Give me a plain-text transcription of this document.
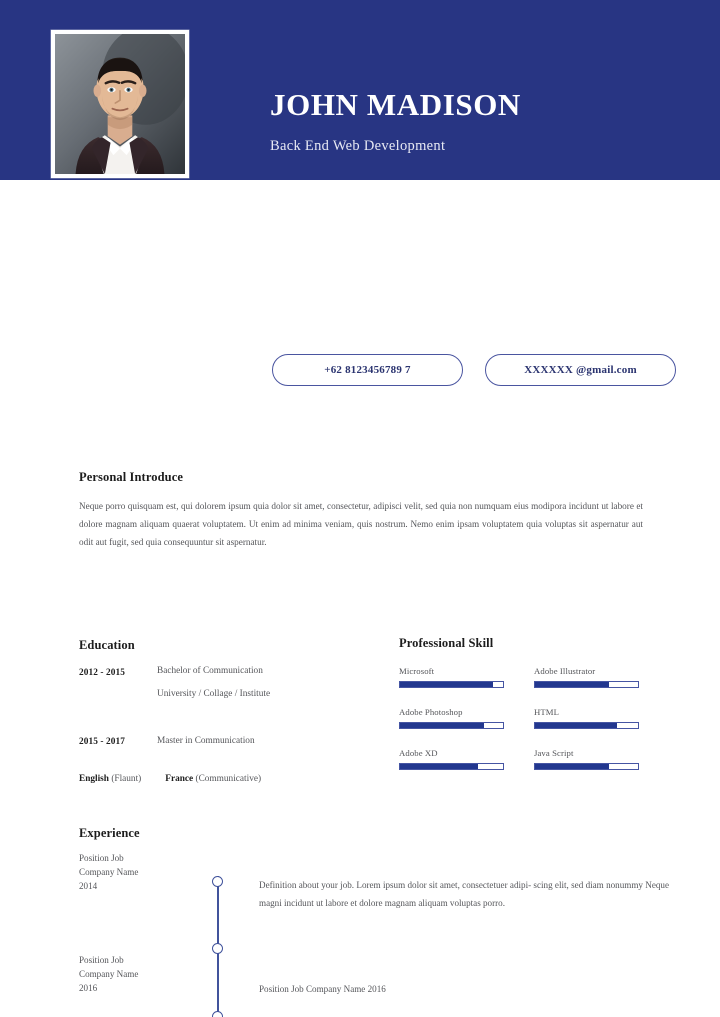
JOHN MADISON
Back End Web Development
+62 8123456789 7	XXXXXX @gmail.com
Personal Introduce
Neque porro quisquam est, qui dolorem ipsum quia dolor sit amet, consectetur, adipisci velit, sed quia non numquam eius modipora incidunt ut labore et dolore magnam aliquam quaerat voluptatem. Ut enim ad minima veniam, quis nostrum. Nemo enim ipsam voluptatem quia voluptas sit aspernatur aut odit aut fugit, sed quia consequuntur sit aspernatur.
Education
2012 - 2015	Bachelor of Communication
University / Collage / Institute
2015 - 2017	Master in Communication
English (Flaunt)	France (Communicative)
Professional Skill
Microsoft	Adobe Illustrator
Adobe Photoshop	HTML
Adobe XD	Java Script
Experience
Position Job
Company Name
2014	Definition about your job. Lorem ipsum dolor sit amet, consectetuer adipi- scing elit, sed diam nonummy Neque magni incidunt ut labore et dolore magnam aliquam voluptas porro.
Position Job
Company Name
2016	Position Job Company Name 2016
